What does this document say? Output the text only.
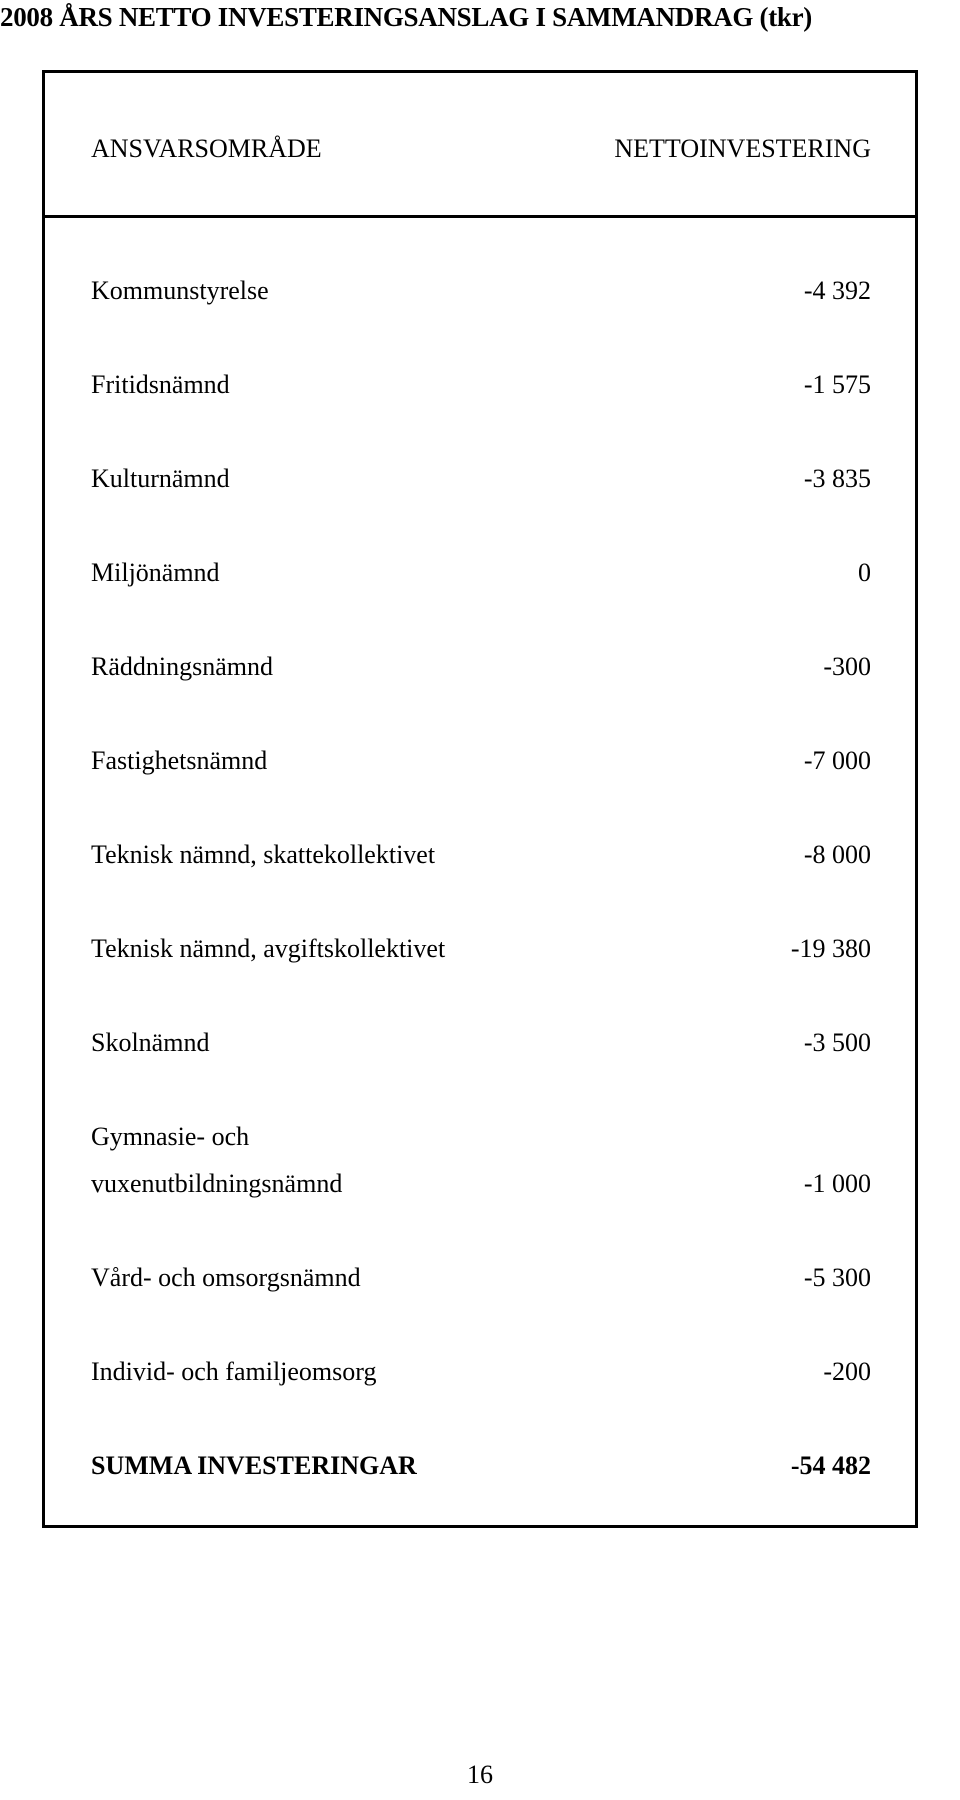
2008 ÅRS NETTO INVESTERINGSANSLAG I SAMMANDRAG (tkr)
ANSVARSOMRÅDE	NETTOINVESTERING
Kommunstyrelse	-4 392
Fritidsnämnd	-1 575
Kulturnämnd	-3 835
Miljönämnd	0
Räddningsnämnd	-300
Fastighetsnämnd	-7 000
Teknisk nämnd, skattekollektivet	-8 000
Teknisk nämnd, avgiftskollektivet	-19 380
Skolnämnd	-3 500
Gymnasie- och
vuxenutbildningsnämnd	-1 000
Vård- och omsorgsnämnd	-5 300
Individ- och familjeomsorg	-200
SUMMA INVESTERINGAR	-54 482
16
